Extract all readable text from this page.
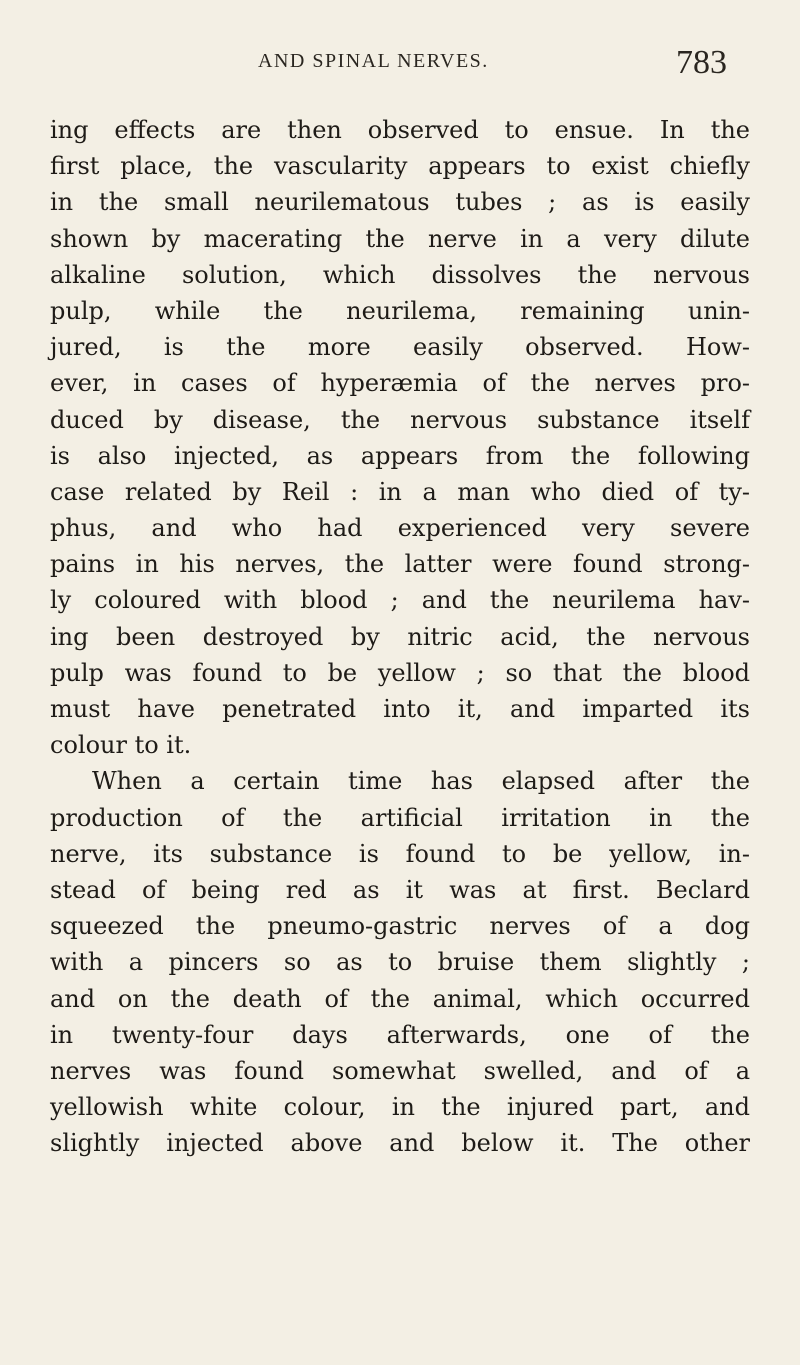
AND SPINAL NERVES.	783
ing effects are then observed to ensue. In the
first place, the vascularity appears to exist chiefly
in the small neurilematous tubes ; as is easily
shown by macerating the nerve in a very dilute
alkaline solution, which dissolves the nervous
pulp, while the neurilema, remaining unin-
jured, is the more easily observed. How-
ever, in cases of hyperæmia of the nerves pro-
duced by disease, the nervous substance itself
is also injected, as appears from the following
case related by Reil : in a man who died of ty-
phus, and who had experienced very severe
pains in his nerves, the latter were found strong-
ly coloured with blood ; and the neurilema hav-
ing been destroyed by nitric acid, the nervous
pulp was found to be yellow ; so that the blood
must have penetrated into it, and imparted its
colour to it.
When a certain time has elapsed after the
production of the artificial irritation in the
nerve, its substance is found to be yellow, in-
stead of being red as it was at first. Beclard
squeezed the pneumo-gastric nerves of a dog
with a pincers so as to bruise them slightly ;
and on the death of the animal, which occurred
in twenty-four days afterwards, one of the
nerves was found somewhat swelled, and of a
yellowish white colour, in the injured part, and
slightly injected above and below it. The other
